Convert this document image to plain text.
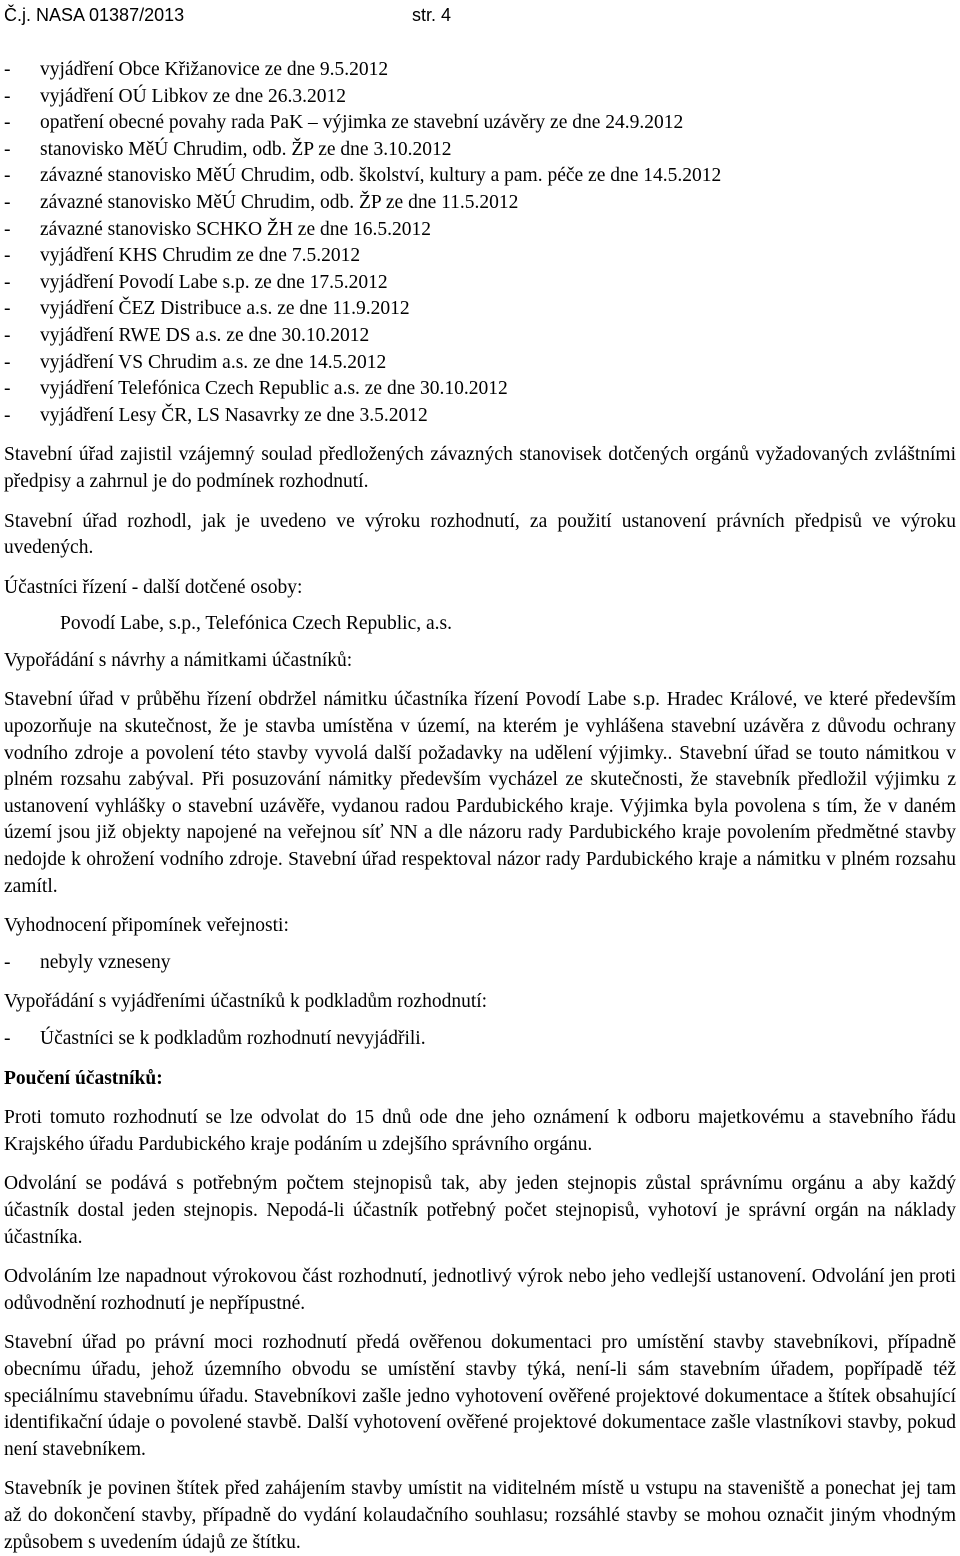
Č.j. NASA 01387/2013	str. 4
-	vyjádření Obce Křižanovice ze dne 9.5.2012
-	vyjádření OÚ Libkov ze dne 26.3.2012
-	opatření obecné povahy rada PaK – výjimka ze stavební uzávěry ze dne 24.9.2012
-	stanovisko MěÚ Chrudim, odb. ŽP ze dne 3.10.2012
-	závazné stanovisko MěÚ Chrudim, odb. školství, kultury a pam. péče ze dne 14.5.2012
-	závazné stanovisko MěÚ Chrudim, odb. ŽP ze dne 11.5.2012
-	závazné stanovisko SCHKO ŽH ze dne 16.5.2012
-	vyjádření KHS Chrudim ze dne 7.5.2012
-	vyjádření Povodí Labe s.p. ze dne 17.5.2012
-	vyjádření ČEZ Distribuce a.s. ze dne 11.9.2012
-	vyjádření RWE DS a.s. ze dne 30.10.2012
-	vyjádření VS Chrudim a.s. ze dne 14.5.2012
-	vyjádření Telefónica Czech Republic a.s. ze dne 30.10.2012
-	vyjádření Lesy ČR, LS Nasavrky ze dne 3.5.2012

Stavební úřad zajistil vzájemný soulad předložených závazných stanovisek dotčených orgánů vyžadovaných zvláštními předpisy a zahrnul je do podmínek rozhodnutí.

Stavební úřad rozhodl, jak je uvedeno ve výroku rozhodnutí, za použití ustanovení právních předpisů ve výroku uvedených.

Účastníci řízení - další dotčené osoby:

Povodí Labe, s.p., Telefónica Czech Republic, a.s.

Vypořádání s návrhy a námitkami účastníků:

Stavební úřad v průběhu řízení obdržel námitku účastníka řízení Povodí Labe s.p. Hradec Králové, ve které především upozorňuje na skutečnost, že je stavba umístěna v území, na kterém je vyhlášena stavební uzávěra z důvodu ochrany vodního zdroje a povolení této stavby vyvolá další požadavky na udělení výjimky.. Stavební úřad se touto námitkou v plném rozsahu zabýval. Při posuzování námitky především vycházel ze skutečnosti, že stavebník předložil výjimku z ustanovení vyhlášky o stavební uzávěře, vydanou radou Pardubického kraje. Výjimka byla povolena s tím, že v daném území jsou již objekty napojené na veřejnou síť NN a dle názoru rady Pardubického kraje povolením předmětné stavby nedojde k ohrožení vodního zdroje. Stavební úřad respektoval názor rady Pardubického kraje a námitku v plném rozsahu zamítl.

Vyhodnocení připomínek veřejnosti:

-	nebyly vzneseny

Vypořádání s vyjádřeními účastníků k podkladům rozhodnutí:

-	Účastníci se k podkladům rozhodnutí nevyjádřili.

Poučení účastníků:

Proti tomuto rozhodnutí se lze odvolat do 15 dnů ode dne jeho oznámení k odboru majetkovému a stavebního řádu Krajského úřadu Pardubického kraje podáním u zdejšího správního orgánu.

Odvolání se podává s potřebným počtem stejnopisů tak, aby jeden stejnopis zůstal správnímu orgánu a aby každý účastník dostal jeden stejnopis. Nepodá-li účastník potřebný počet stejnopisů, vyhotoví je správní orgán na náklady účastníka.

Odvoláním lze napadnout výrokovou část rozhodnutí, jednotlivý výrok nebo jeho vedlejší ustanovení. Odvolání jen proti odůvodnění rozhodnutí je nepřípustné.

Stavební úřad po právní moci rozhodnutí předá ověřenou dokumentaci pro umístění stavby stavebníkovi, případně obecnímu úřadu, jehož územního obvodu se umístění stavby týká, není-li sám stavebním úřadem, popřípadě též speciálnímu stavebnímu úřadu. Stavebníkovi zašle jedno vyhotovení ověřené projektové dokumentace a štítek obsahující identifikační údaje o povolené stavbě. Další vyhotovení ověřené projektové dokumentace zašle vlastníkovi stavby, pokud není stavebníkem.

Stavebník je povinen štítek před zahájením stavby umístit na viditelném místě u vstupu na staveniště a ponechat jej tam až do dokončení stavby, případně do vydání kolaudačního souhlasu; rozsáhlé stavby se mohou označit jiným vhodným způsobem s uvedením údajů ze štítku.
